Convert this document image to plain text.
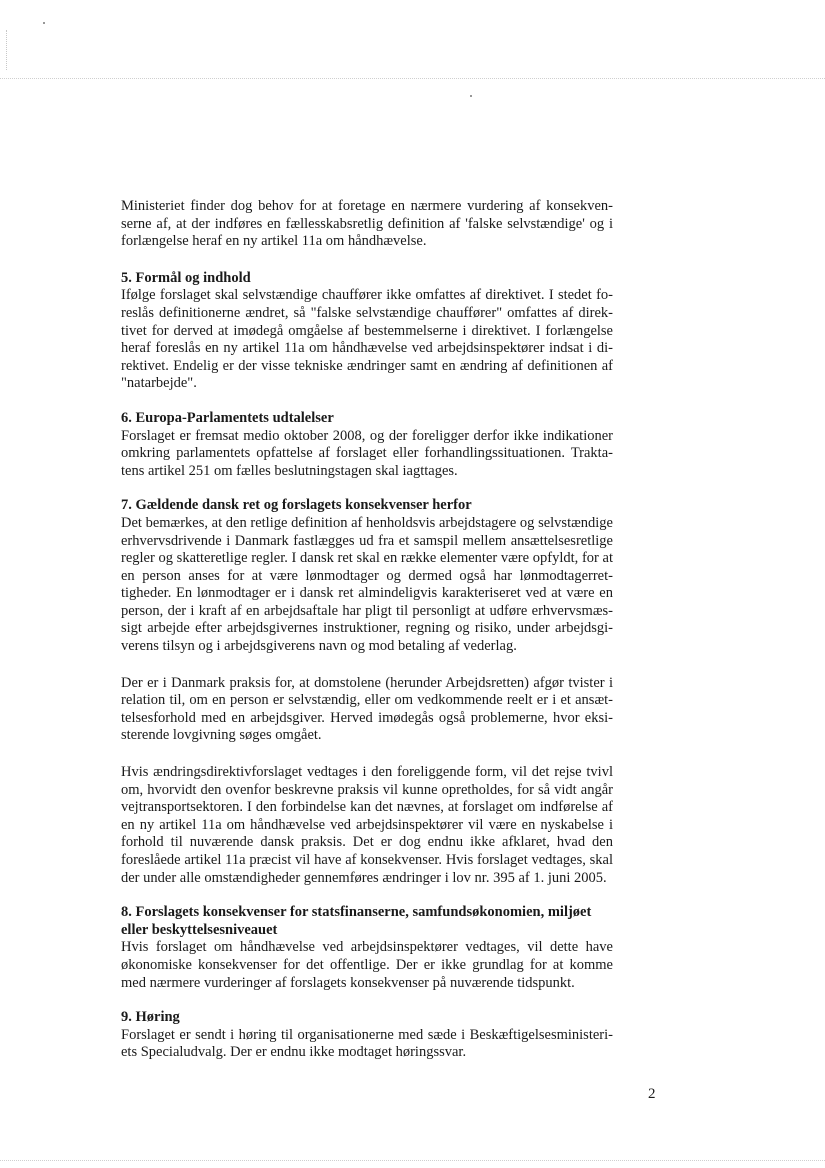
Ministeriet finder dog behov for at foretage en nærmere vurdering af konsekvenserne af, at der indføres en fællesskabsretlig definition af 'falske selvstændige' og i forlængelse heraf en ny artikel 11a om håndhævelse.

5. Formål og indhold

Ifølge forslaget skal selvstændige chauffører ikke omfattes af direktivet. I stedet foreslås definitionerne ændret, så "falske selvstændige chauffører" omfattes af direktivet for derved at imødegå omgåelse af bestemmelserne i direktivet. I forlængelse heraf foreslås en ny artikel 11a om håndhævelse ved arbejdsinspektører indsat i direktivet. Endelig er der visse tekniske ændringer samt en ændring af definitionen af "natarbejde".

6. Europa-Parlamentets udtalelser

Forslaget er fremsat medio oktober 2008, og der foreligger derfor ikke indikationer omkring parlamentets opfattelse af forslaget eller forhandlingssituationen. Traktatens artikel 251 om fælles beslutningstagen skal iagttages.

7. Gældende dansk ret og forslagets konsekvenser herfor

Det bemærkes, at den retlige definition af henholdsvis arbejdstagere og selvstændige erhvervsdrivende i Danmark fastlægges ud fra et samspil mellem ansættelsesretlige regler og skatteretlige regler. I dansk ret skal en række elementer være opfyldt, for at en person anses for at være lønmodtager og dermed også har lønmodtagerrettigheder. En lønmodtager er i dansk ret almindeligvis karakteriseret ved at være en person, der i kraft af en arbejdsaftale har pligt til personligt at udføre erhvervsmæssigt arbejde efter arbejdsgivernes instruktioner, regning og risiko, under arbejdsgiverens tilsyn og i arbejdsgiverens navn og mod betaling af vederlag.

Der er i Danmark praksis for, at domstolene (herunder Arbejdsretten) afgør tvister i relation til, om en person er selvstændig, eller om vedkommende reelt er i et ansættelsesforhold med en arbejdsgiver. Herved imødegås også problemerne, hvor eksisterende lovgivning søges omgået.

Hvis ændringsdirektivforslaget vedtages i den foreliggende form, vil det rejse tvivl om, hvorvidt den ovenfor beskrevne praksis vil kunne opretholdes, for så vidt angår vejtransportsektoren. I den forbindelse kan det nævnes, at forslaget om indførelse af en ny artikel 11a om håndhævelse ved arbejdsinspektører vil være en nyskabelse i forhold til nuværende dansk praksis. Det er dog endnu ikke afklaret, hvad den foreslåede artikel 11a præcist vil have af konsekvenser. Hvis forslaget vedtages, skal der under alle omstændigheder gennemføres ændringer i lov nr. 395 af 1. juni 2005.

8. Forslagets konsekvenser for statsfinanserne, samfundsøkonomien, miljøet eller beskyttelsesniveauet

Hvis forslaget om håndhævelse ved arbejdsinspektører vedtages, vil dette have økonomiske konsekvenser for det offentlige. Der er ikke grundlag for at komme med nærmere vurderinger af forslagets konsekvenser på nuværende tidspunkt.

9. Høring

Forslaget er sendt i høring til organisationerne med sæde i Beskæftigelsesministeriets Specialudvalg. Der er endnu ikke modtaget høringssvar.

2
